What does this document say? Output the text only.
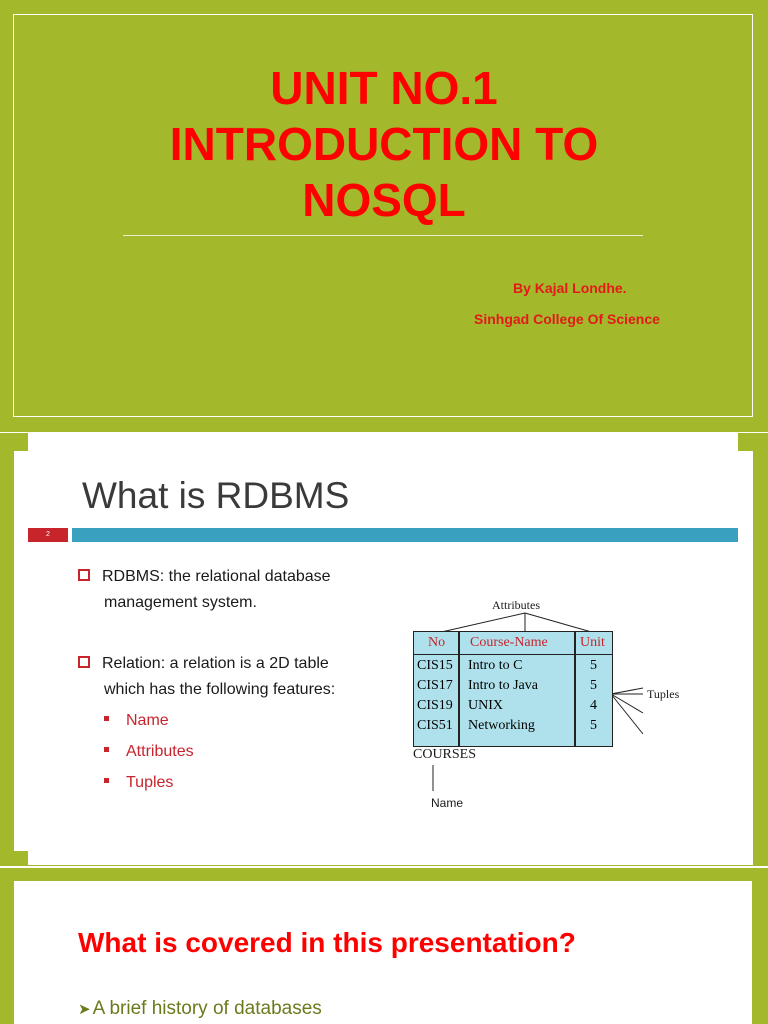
UNIT NO.1
INTRODUCTION TO
NOSQL
By Kajal Londhe.
Sinhgad College Of Science
What is RDBMS
2
RDBMS: the relational database
management system.
Relation: a relation is a 2D table
which has the following features:
Name
Attributes
Tuples
Attributes
Tuples
No Course-Name Unit
CIS15 Intro to C	5
CIS17 Intro to Java	5
CIS19 UNIX	4
CIS51 Networking	5
COURSES
Name
What is covered in this presentation?
➤ A brief history of databases
